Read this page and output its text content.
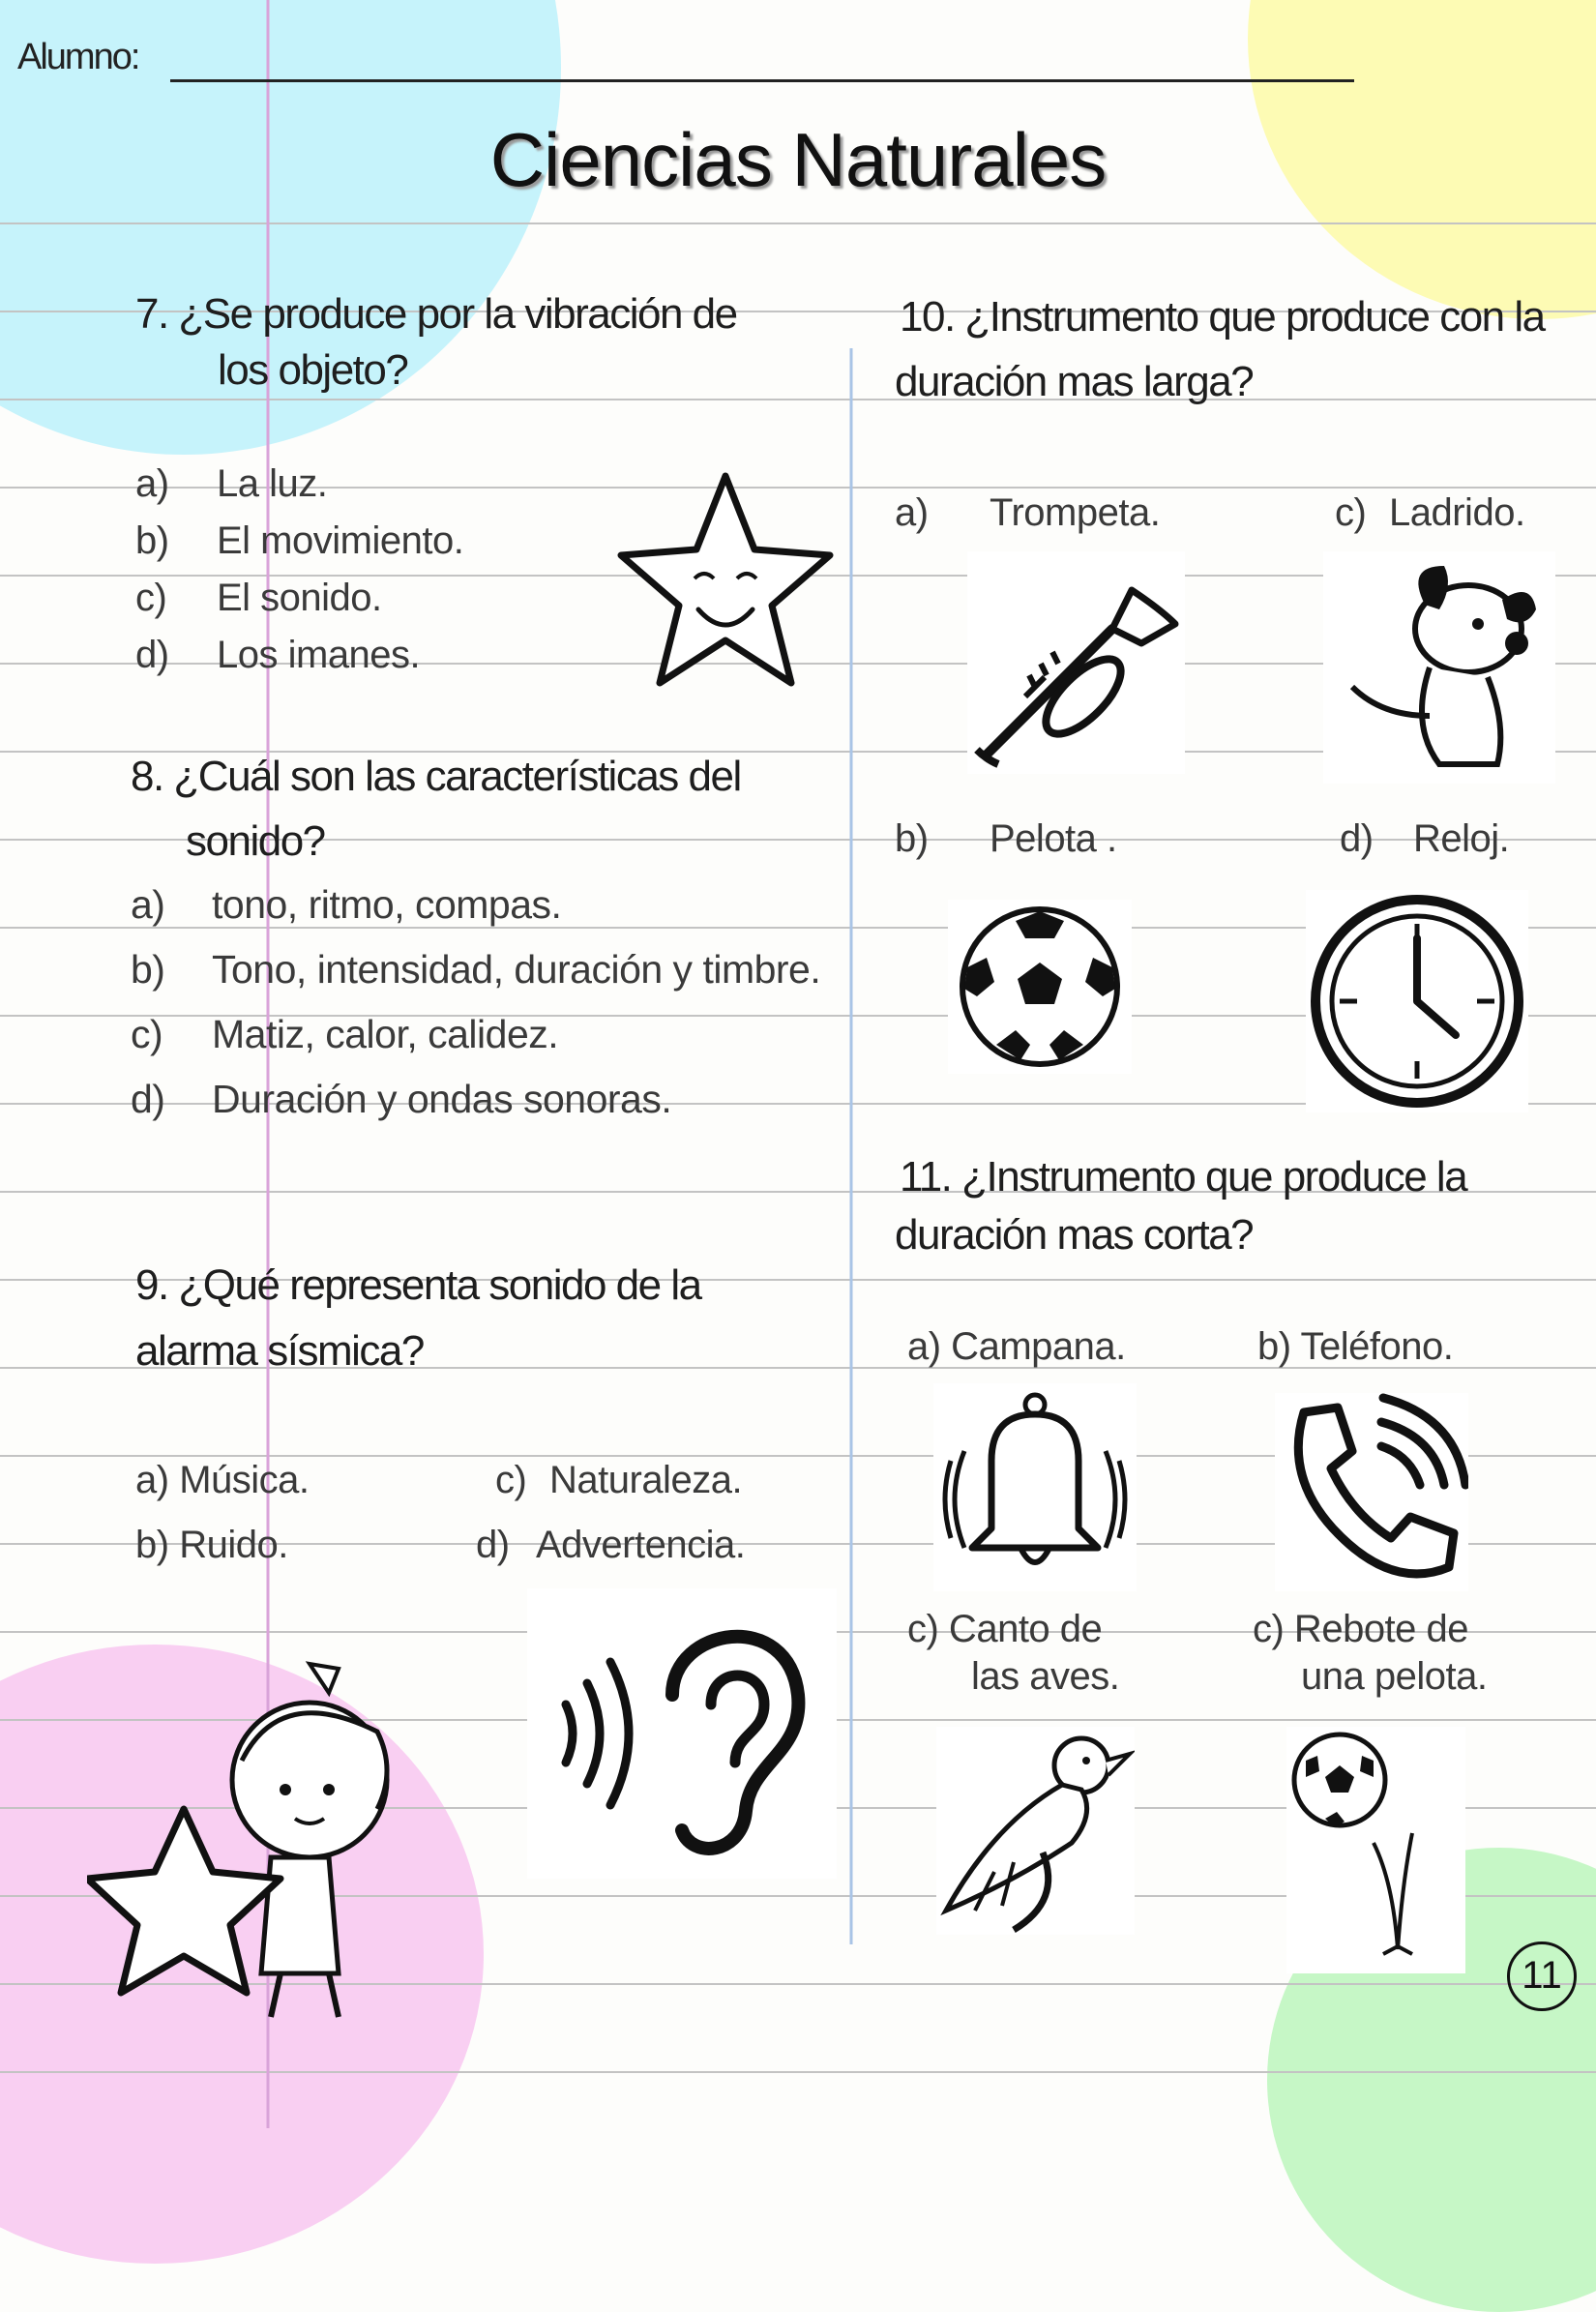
Alumno:
Ciencias Naturales
7. ¿Se produce por la vibración de
los objeto?
a) La luz.
b) El movimiento.
c) El sonido.
d) Los imanes.
8. ¿Cuál son las características del
sonido?
a) tono, ritmo, compas.
b) Tono, intensidad, duración y timbre.
c) Matiz, calor, calidez.
d) Duración y ondas sonoras.
9. ¿Qué representa sonido de la
alarma sísmica?
a) Música.
b) Ruido.
c) Naturaleza.
d) Advertencia.
10. ¿Instrumento que produce con la
duración mas larga?
a) Trompeta.
b) Pelota .
c) Ladrido.
d) Reloj.
11. ¿Instrumento que produce la
duración mas corta?
a) Campana.	b) Teléfono.
c) Canto de
las aves.
c) Rebote de
una pelota.
11
